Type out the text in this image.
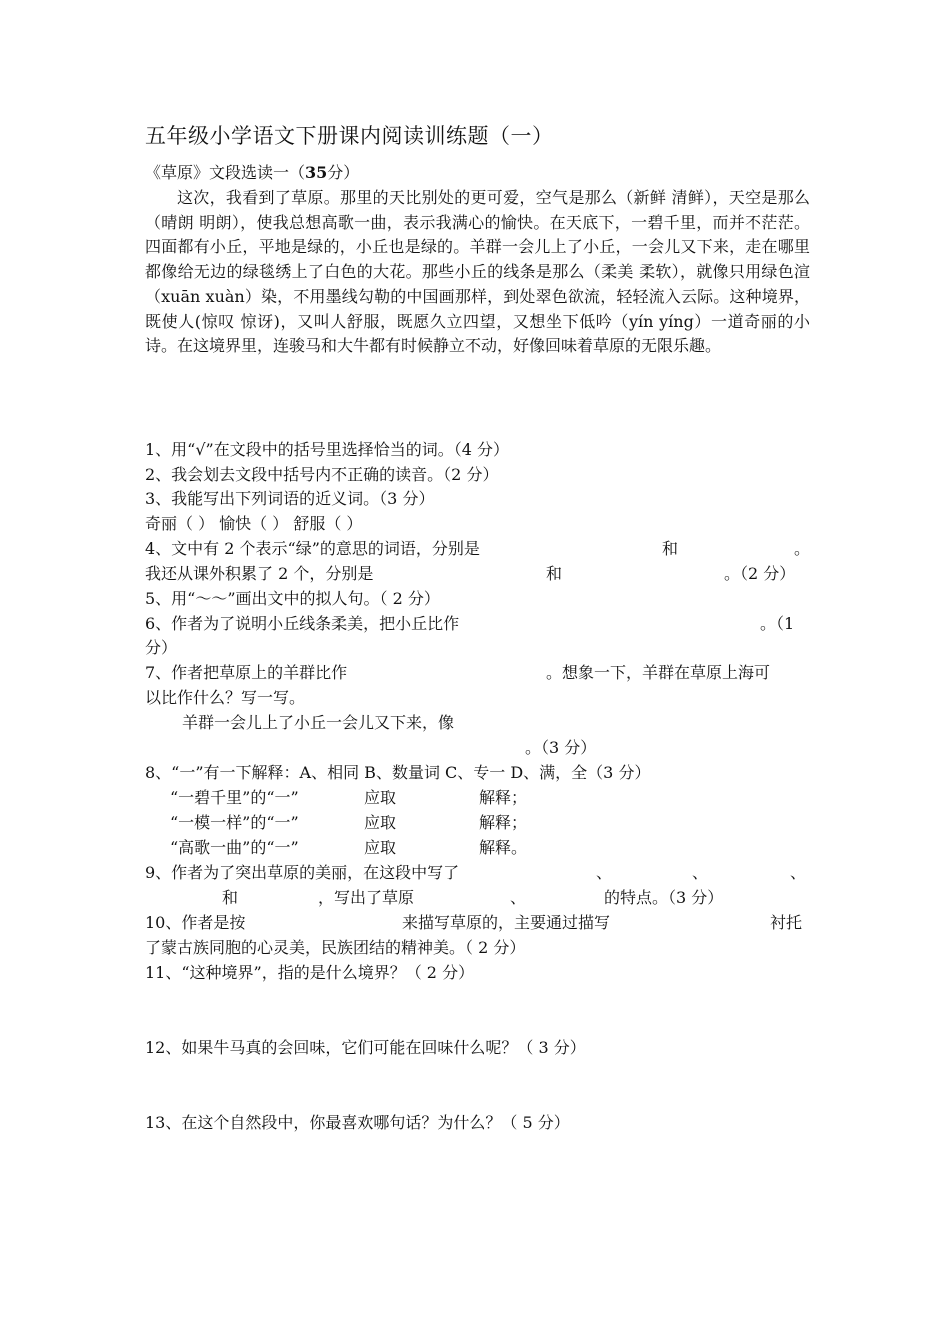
五年级小学语文下册课内阅读训练题（一）
《草原》文段选读一（35分）
这次，我看到了草原。那里的天比别处的更可爱，空气是那么（新鲜 清鲜），天空是那么（晴朗 明朗），使我总想高歌一曲，表示我满心的愉快。在天底下，一碧千里，而并不茫茫。四面都有小丘，平地是绿的，小丘也是绿的。羊群一会儿上了小丘，一会儿又下来，走在哪里都像给无边的绿毯绣上了白色的大花。那些小丘的线条是那么（柔美 柔软），就像只用绿色渲（xuān xuàn）染，不用墨线勾勒的中国画那样，到处翠色欲流，轻轻流入云际。这种境界，既使人(惊叹 惊讶)，又叫人舒服，既愿久立四望，又想坐下低吟（yín yíng）一道奇丽的小诗。在这境界里，连骏马和大牛都有时候静立不动，好像回味着草原的无限乐趣。
1、用“√”在文段中的括号里选择恰当的词。（4 分）
2、我会划去文段中括号内不正确的读音。（2 分）
3、我能写出下列词语的近义词。（3 分）
奇丽（ ） 愉快（ ） 舒服（ ）
4、文中有 2 个表示“绿”的意思的词语，分别是	和	。
我还从课外积累了 2 个，分别是	和	。（2 分）
5、用“～～”画出文中的拟人句。（ 2 分）
6、作者为了说明小丘线条柔美，把小丘比作	。（1
分）
7、作者把草原上的羊群比作	。想象一下，羊群在草原上海可
以比作什么？写一写。
羊群一会儿上了小丘一会儿又下来，像
。（3 分）
8、“一”有一下解释：A、相同 B、数量词 C、专一 D、满，全（3 分）
“一碧千里”的“一”	应取	解释；
“一模一样”的“一”	应取	解释；
“高歌一曲”的“一”	应取	解释。
9、作者为了突出草原的美丽，在这段中写了	、	、	、
和	，写出了草原	、	的特点。（3 分）
10、作者是按	来描写草原的，主要通过描写	衬托
了蒙古族同胞的心灵美，民族团结的精神美。（ 2 分）
11、“这种境界”，指的是什么境界？（ 2 分）
12、如果牛马真的会回味，它们可能在回味什么呢？（ 3 分）
13、在这个自然段中，你最喜欢哪句话？为什么？（ 5 分）
